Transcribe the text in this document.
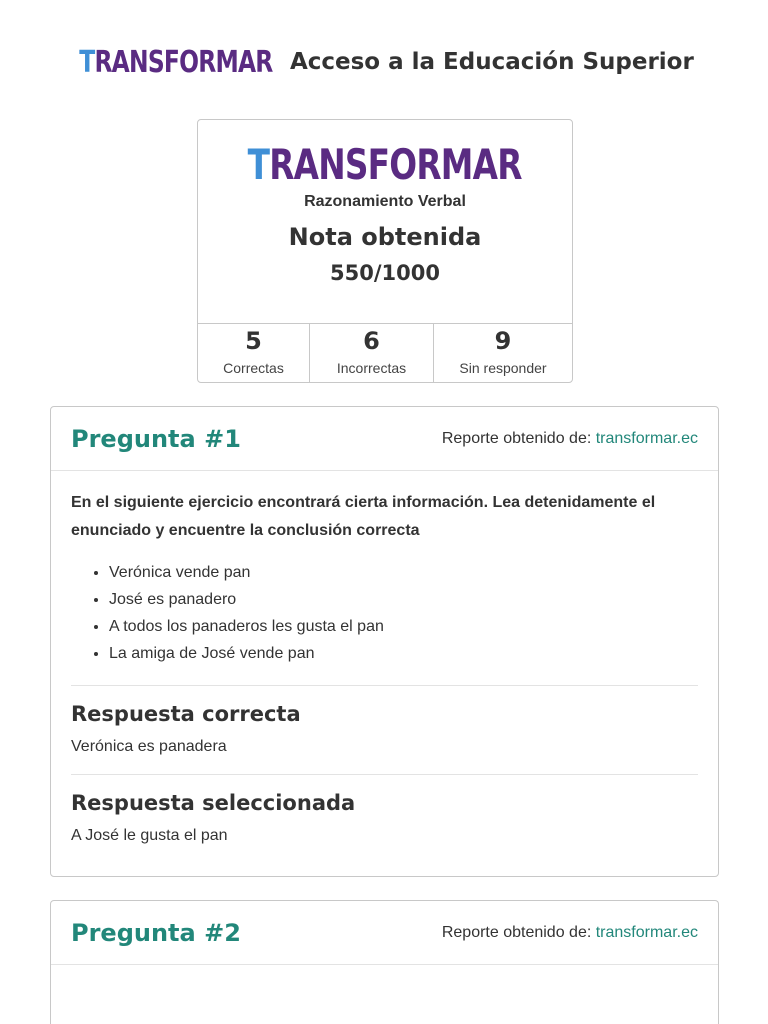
TRANSFORMAR Acceso a la Educación Superior
TRANSFORMAR
Razonamiento Verbal
Nota obtenida
550/1000
5
Correctas
6
Incorrectas
9
Sin responder
Pregunta #1	Reporte obtenido de: transformar.ec
En el siguiente ejercicio encontrará cierta información. Lea detenidamente el enunciado y encuentre la conclusión correcta
• Verónica vende pan
• José es panadero
• A todos los panaderos les gusta el pan
• La amiga de José vende pan
Respuesta correcta
Verónica es panadera
Respuesta seleccionada
A José le gusta el pan
Pregunta #2	Reporte obtenido de: transformar.ec
